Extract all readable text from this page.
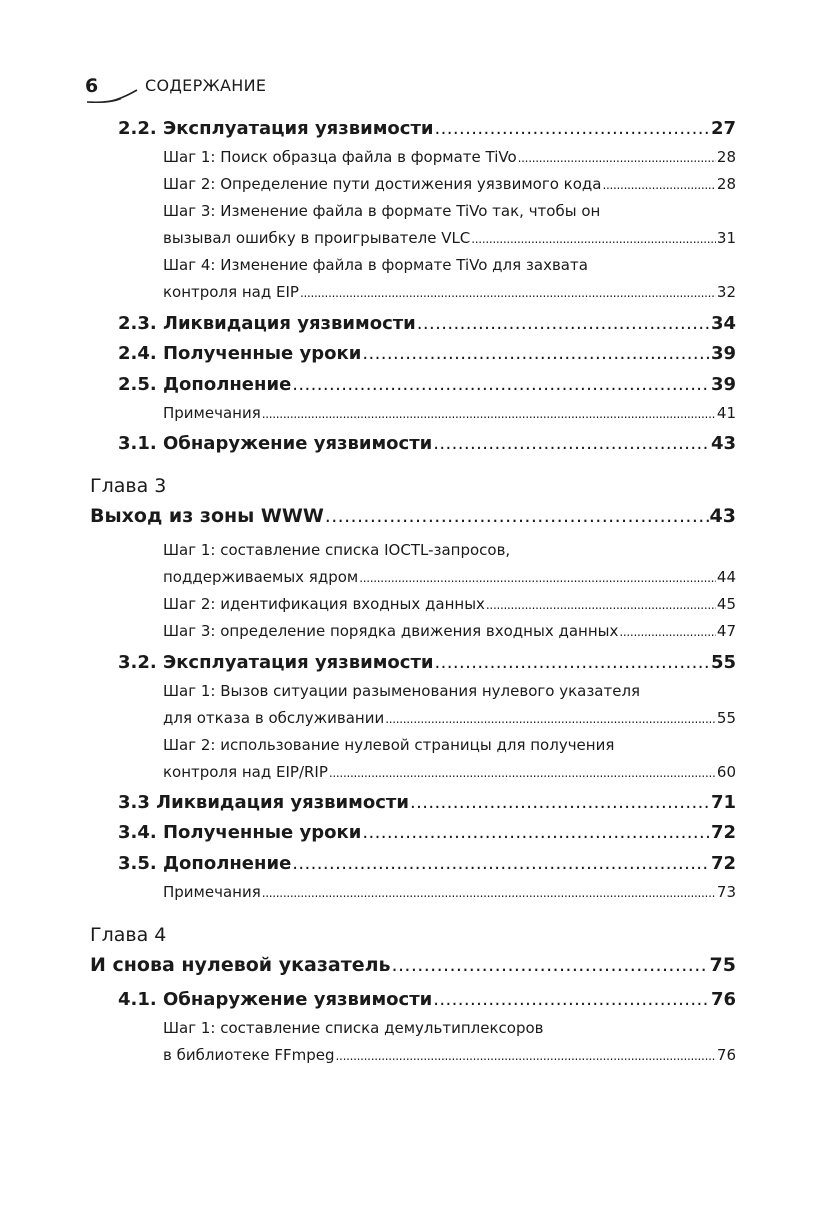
6	СОДЕРЖАНИЕ
2.2. Эксплуатация уязвимости .....	27
Шаг 1: Поиск образца файла в формате TiVo .....	28
Шаг 2: Определение пути достижения уязвимого кода .....	28
Шаг 3: Изменение файла в формате TiVo так, чтобы он
вызывал ошибку в проигрывателе VLC .....	31
Шаг 4: Изменение файла в формате TiVo для захвата
контроля над EIP .....	32
2.3. Ликвидация уязвимости .....	34
2.4. Полученные уроки .....	39
2.5. Дополнение .....	39
Примечания .....	41
3.1. Обнаружение уязвимости .....	43
Глава 3
Выход из зоны WWW .....	43
Шаг 1: составление списка IOCTL-запросов,
поддерживаемых ядром .....	44
Шаг 2: идентификация входных данных .....	45
Шаг 3: определение порядка движения входных данных .....	47
3.2. Эксплуатация уязвимости .....	55
Шаг 1: Вызов ситуации разыменования нулевого указателя
для отказа в обслуживании .....	55
Шаг 2: использование нулевой страницы для получения
контроля над EIP/RIP .....	60
3.3 Ликвидация уязвимости .....	71
3.4. Полученные уроки .....	72
3.5. Дополнение .....	72
Примечания .....	73
Глава 4
И снова нулевой указатель .....	75
4.1. Обнаружение уязвимости .....	76
Шаг 1: составление списка демультиплексоров
в библиотеке FFmpeg .....	76
